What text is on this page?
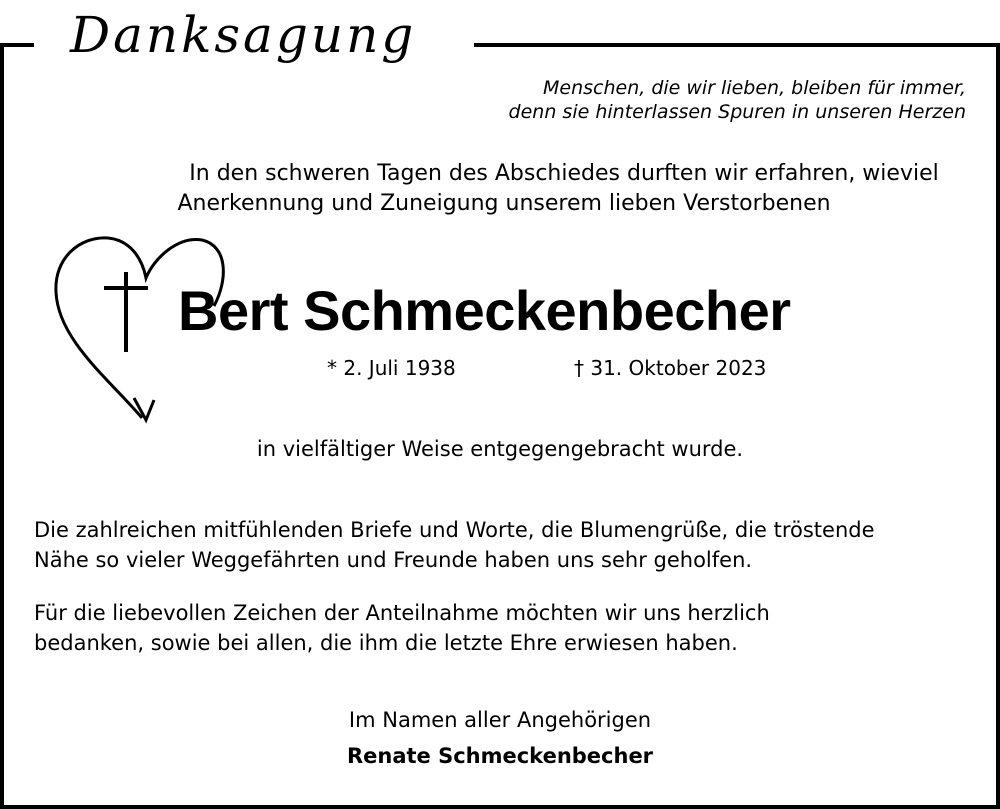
Danksagung
Menschen, die wir lieben, bleiben für immer,
denn sie hinterlassen Spuren in unseren Herzen
In den schweren Tagen des Abschiedes durften wir erfahren, wieviel
Anerkennung und Zuneigung unserem lieben Verstorbenen
Bert Schmeckenbecher
* 2. Juli 1938	† 31. Oktober 2023
in vielfältiger Weise entgegengebracht wurde.
Die zahlreichen mitfühlenden Briefe und Worte, die Blumengrüße, die tröstende
Nähe so vieler Weggefährten und Freunde haben uns sehr geholfen.
Für die liebevollen Zeichen der Anteilnahme möchten wir uns herzlich
bedanken, sowie bei allen, die ihm die letzte Ehre erwiesen haben.
Im Namen aller Angehörigen
Renate Schmeckenbecher
